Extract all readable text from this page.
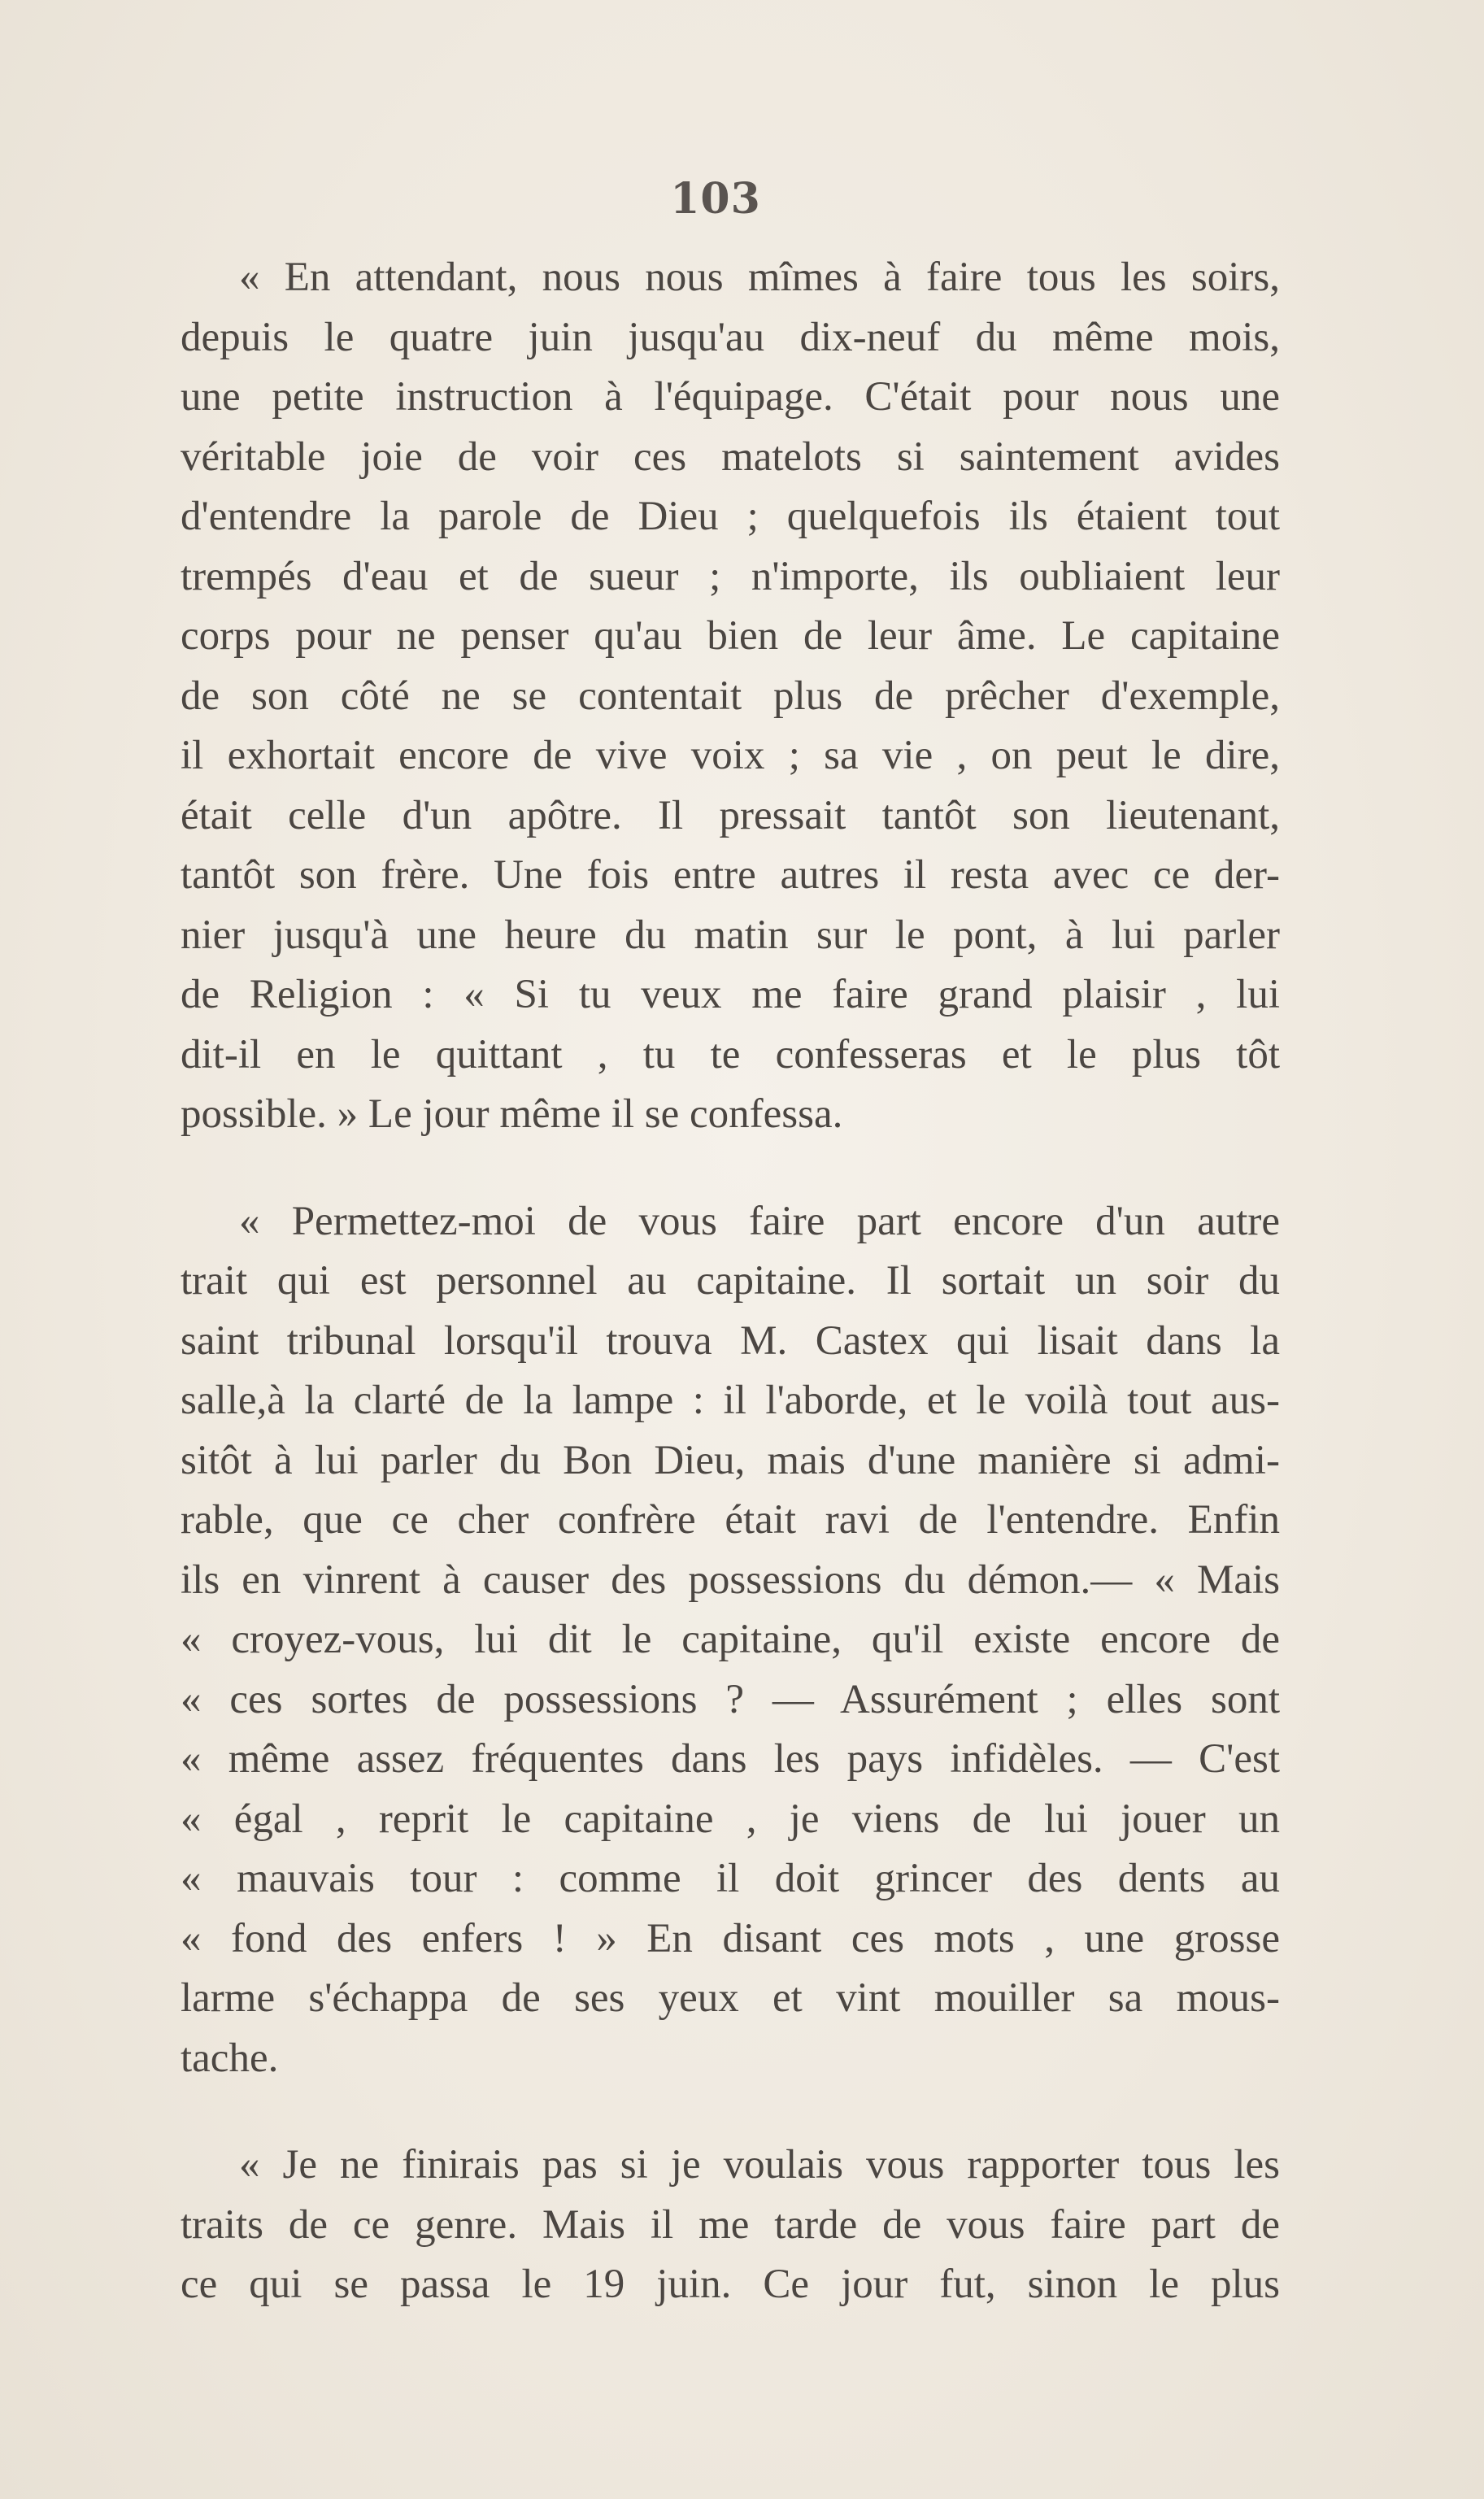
103
« En attendant, nous nous mîmes à faire tous les soirs,
depuis le quatre juin jusqu'au dix-neuf du même mois,
une petite instruction à l'équipage. C'était pour nous une
véritable joie de voir ces matelots si saintement avides
d'entendre la parole de Dieu ; quelquefois ils étaient tout
trempés d'eau et de sueur ; n'importe, ils oubliaient leur
corps pour ne penser qu'au bien de leur âme. Le capitaine
de son côté ne se contentait plus de prêcher d'exemple,
il exhortait encore de vive voix ; sa vie , on peut le dire,
était celle d'un apôtre. Il pressait tantôt son lieutenant,
tantôt son frère. Une fois entre autres il resta avec ce der-
nier jusqu'à une heure du matin sur le pont, à lui parler
de Religion : « Si tu veux me faire grand plaisir , lui
dit-il en le quittant , tu te confesseras et le plus tôt
possible. » Le jour même il se confessa.
« Permettez-moi de vous faire part encore d'un autre
trait qui est personnel au capitaine. Il sortait un soir du
saint tribunal lorsqu'il trouva M. Castex qui lisait dans la
salle,à la clarté de la lampe : il l'aborde, et le voilà tout aus-
sitôt à lui parler du Bon Dieu, mais d'une manière si admi-
rable, que ce cher confrère était ravi de l'entendre. Enfin
ils en vinrent à causer des possessions du démon.— « Mais
« croyez-vous, lui dit le capitaine, qu'il existe encore de
« ces sortes de possessions ? — Assurément ; elles sont
« même assez fréquentes dans les pays infidèles. — C'est
« égal , reprit le capitaine , je viens de lui jouer un
« mauvais tour : comme il doit grincer des dents au
« fond des enfers ! » En disant ces mots , une grosse
larme s'échappa de ses yeux et vint mouiller sa mous-
tache.
« Je ne finirais pas si je voulais vous rapporter tous les
traits de ce genre. Mais il me tarde de vous faire part de
ce qui se passa le 19 juin. Ce jour fut, sinon le plus
